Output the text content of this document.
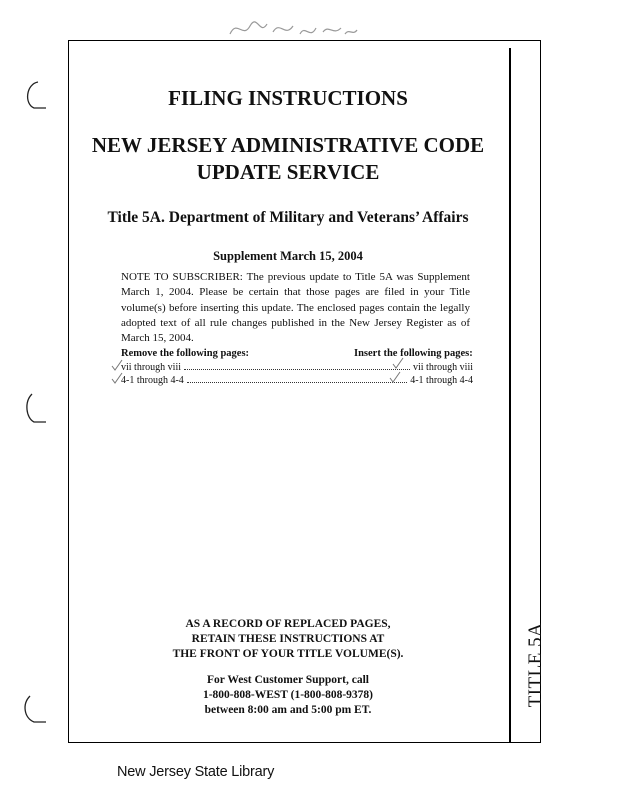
FILING INSTRUCTIONS
NEW JERSEY ADMINISTRATIVE CODE
UPDATE SERVICE
Title 5A. Department of Military and Veterans’ Affairs
Supplement March 15, 2004
NOTE TO SUBSCRIBER: The previous update to Title 5A was Supplement March 1, 2004. Please be certain that those pages are filed in your Title volume(s) before inserting this update. The enclosed pages contain the legally adopted text of all rule changes published in the New Jersey Register as of March 15, 2004.
Remove the following pages:	Insert the following pages:
vii through viii	vii through viii
4-1 through 4-4	4-1 through 4-4
AS A RECORD OF REPLACED PAGES,
RETAIN THESE INSTRUCTIONS AT
THE FRONT OF YOUR TITLE VOLUME(S).
For West Customer Support, call
1-800-808-WEST (1-800-808-9378)
between 8:00 am and 5:00 pm ET.
TITLE 5A
New Jersey State Library
